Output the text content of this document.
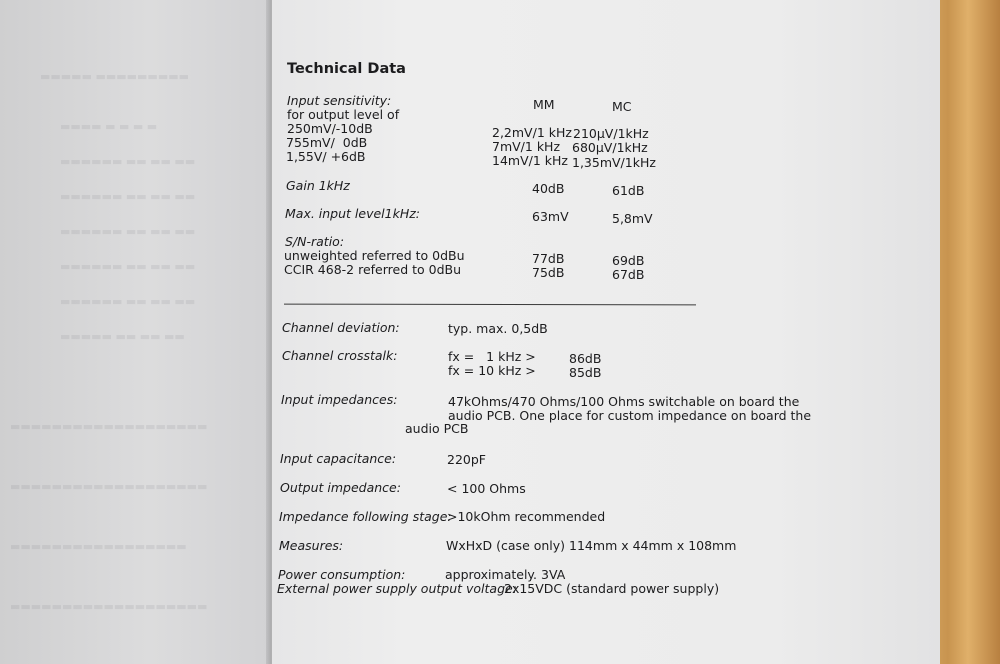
▬▬▬▬▬ ▬▬▬▬▬▬▬▬▬
▬▬▬▬ ▬ ▬ ▬ ▬
▬▬▬▬▬▬ ▬▬ ▬▬ ▬▬
▬▬▬▬▬▬ ▬▬ ▬▬ ▬▬
▬▬▬▬▬▬ ▬▬ ▬▬ ▬▬
▬▬▬▬▬▬ ▬▬ ▬▬ ▬▬
▬▬▬▬▬▬ ▬▬ ▬▬ ▬▬
▬▬▬▬▬ ▬▬ ▬▬ ▬▬
▬▬▬▬▬▬▬▬▬▬▬▬▬▬▬▬▬▬▬
▬▬▬▬▬▬▬▬▬▬▬▬▬▬▬▬▬▬▬
▬▬▬▬▬▬▬▬▬▬▬▬▬▬▬▬▬
▬▬▬▬▬▬▬▬▬▬▬▬▬▬▬▬▬▬▬
Technical Data
Input sensitivity:
for output level of
MM	MC
250mV/-10dB	2,2mV/1 kHz 210µV/1kHz
755mV/  0dB	7mV/1 kHz 680µV/1kHz
1,55V/ +6dB	14mV/1 kHz 1,35mV/1kHz
Gain 1kHz	40dB	61dB
Max. input level1kHz:	63mV	5,8mV
S/N-ratio:
unweighted referred to 0dBu	77dB	69dB
CCIR 468-2 referred to 0dBu	75dB	67dB
Channel deviation:	typ. max. 0,5dB
Channel crosstalk:	fx =   1 kHz >	86dB
fx = 10 kHz >	85dB
Input impedances:	47kOhms/470 Ohms/100 Ohms switchable on board the
audio PCB. One place for custom impedance on board the
audio PCB
Input capacitance:	220pF
Output impedance:	< 100 Ohms
Impedance following stage:
>10kOhm recommended
Measures:	WxHxD (case only) 114mm x 44mm x 108mm
Power consumption:	approximately. 3VA
External power supply output voltage:
2x15VDC (standard power supply)
